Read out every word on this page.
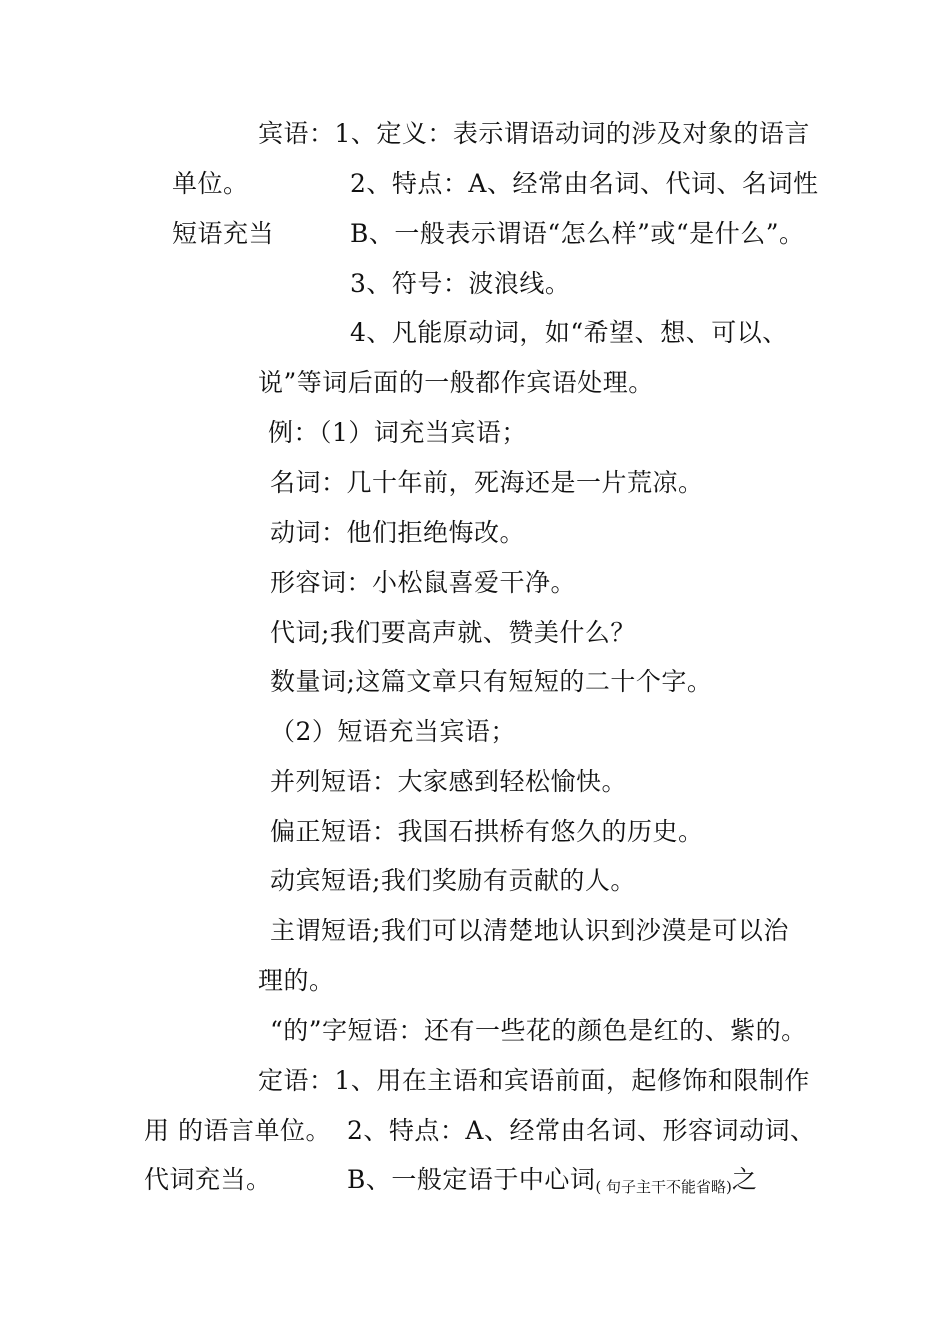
宾语：1、定义：表示谓语动词的涉及对象的语言
单位。	2、特点：A、经常由名词、代词、名词性
短语充当	B、一般表示谓语“怎么样”或“是什么”。
3、符号：波浪线。
4、凡能原动词，如“希望、想、可以、
说”等词后面的一般都作宾语处理。
例：（1）词充当宾语；
名词：几十年前，死海还是一片荒凉。
动词：他们拒绝悔改。
形容词：小松鼠喜爱干净。
代词;我们要高声就、赞美什么？
数量词;这篇文章只有短短的二十个字。
（2）短语充当宾语；
并列短语：大家感到轻松愉快。
偏正短语：我国石拱桥有悠久的历史。
动宾短语;我们奖励有贡献的人。
主谓短语;我们可以清楚地认识到沙漠是可以治
理的。
“的”字短语：还有一些花的颜色是红的、紫的。
定语：1、用在主语和宾语前面，起修饰和限制作
用 的语言单位。 2、特点：A、经常由名词、形容词动词、
代词充当。	B、一般定语于中心词( 句子主干不能省略)之
